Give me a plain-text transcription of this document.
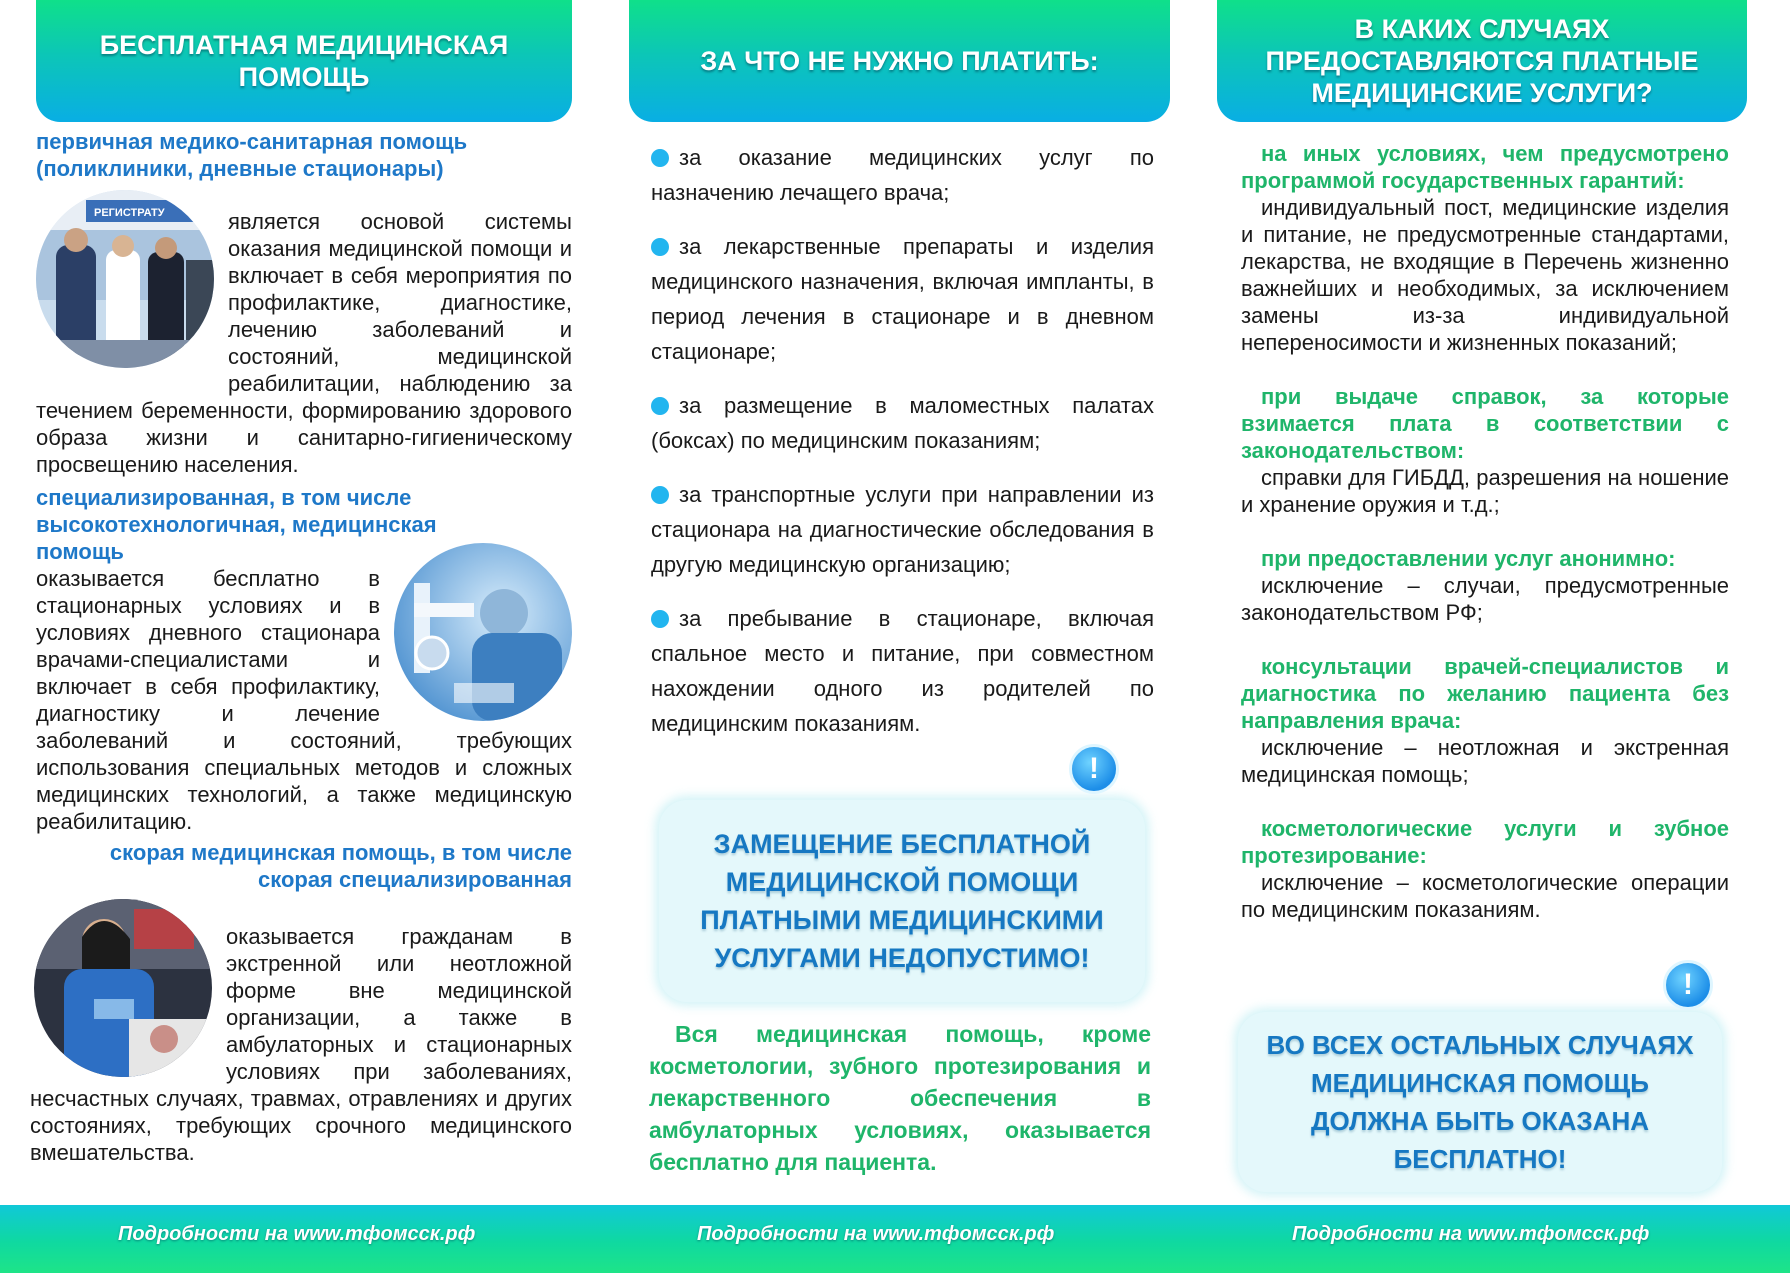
БЕСПЛАТНАЯ МЕДИЦИНСКАЯ
ПОМОЩЬ
первичная медико-санитарная помощь (поликлиники, дневные стационары)
РЕГИСТРАТУ	является основой системы оказания медицинской помощи и включает в себя мероприятия по профилактике, диагностике, лечению заболеваний и состояний, медицинской реабилитации, наблюдению за течением беременности, формированию здорового образа жизни и санитарно-гигиеническому просвещению населения.
специализированная, в том числе высокотехнологичная, медицинская помощь
оказывается бесплатно в стационарных условиях и в условиях дневного стационара врачами-специалистами и включает в себя профилактику, диагностику и лечение заболеваний и состояний, требующих использования специальных методов и сложных медицинских технологий, а также медицинскую реабилитацию.
скорая медицинская помощь, в том числе скорая специализированная
оказывается гражданам в экстренной или неотложной форме вне медицинской организации, а также в амбулаторных и стационарных условиях при заболеваниях, несчастных случаях, травмах, отравлениях и других состояниях, требующих срочного медицинского вмешательства.
ЗА ЧТО НЕ НУЖНО ПЛАТИТЬ:
за оказание медицинских услуг по назначению лечащего врача;
за лекарственные препараты и изделия медицинского назначения, включая импланты, в период лечения в стационаре и в дневном стационаре;
за размещение в маломестных палатах (боксах) по медицинским показаниям;
за транспортные услуги при направлении из стационара на диагностические обследования в другую медицинскую организацию;
за пребывание в стационаре, включая спальное место и питание, при совместном нахождении одного из родителей по медицинским показаниям.
ЗАМЕЩЕНИЕ БЕСПЛАТНОЙ
МЕДИЦИНСКОЙ ПОМОЩИ
ПЛАТНЫМИ МЕДИЦИНСКИМИ
УСЛУГАМИ НЕДОПУСТИМО!
!
Вся медицинская помощь, кроме косметологии, зубного протезирования и лекарственного обеспечения в амбулаторных условиях, оказывается бесплатно для пациента.
В КАКИХ СЛУЧАЯХ
ПРЕДОСТАВЛЯЮТСЯ ПЛАТНЫЕ
МЕДИЦИНСКИЕ УСЛУГИ?
на иных условиях, чем предусмотрено программой государственных гарантий:
индивидуальный пост, медицинские изделия и питание, не предусмотренные стандартами, лекарства, не входящие в Перечень жизненно важнейших и необходимых, за исключением замены из-за индивидуальной непереносимости и жизненных показаний;
при выдаче справок, за которые взимается плата в соответствии с законодательством:
справки для ГИБДД, разрешения на ношение и хранение оружия и т.д.;
при предоставлении услуг анонимно:
исключение – случаи, предусмотренные законодательством РФ;
консультации врачей-специалистов и диагностика по желанию пациента без направления врача:
исключение – неотложная и экстренная медицинская помощь;
косметологические услуги и зубное протезирование:
исключение – косметологические операции по медицинским показаниям.
ВО ВСЕХ ОСТАЛЬНЫХ СЛУЧАЯХ
МЕДИЦИНСКАЯ ПОМОЩЬ
ДОЛЖНА БЫТЬ ОКАЗАНА
БЕСПЛАТНО!
!
Подробности на www.тфомсск.рф	Подробности на www.тфомсск.рф	Подробности на www.тфомсск.рф
